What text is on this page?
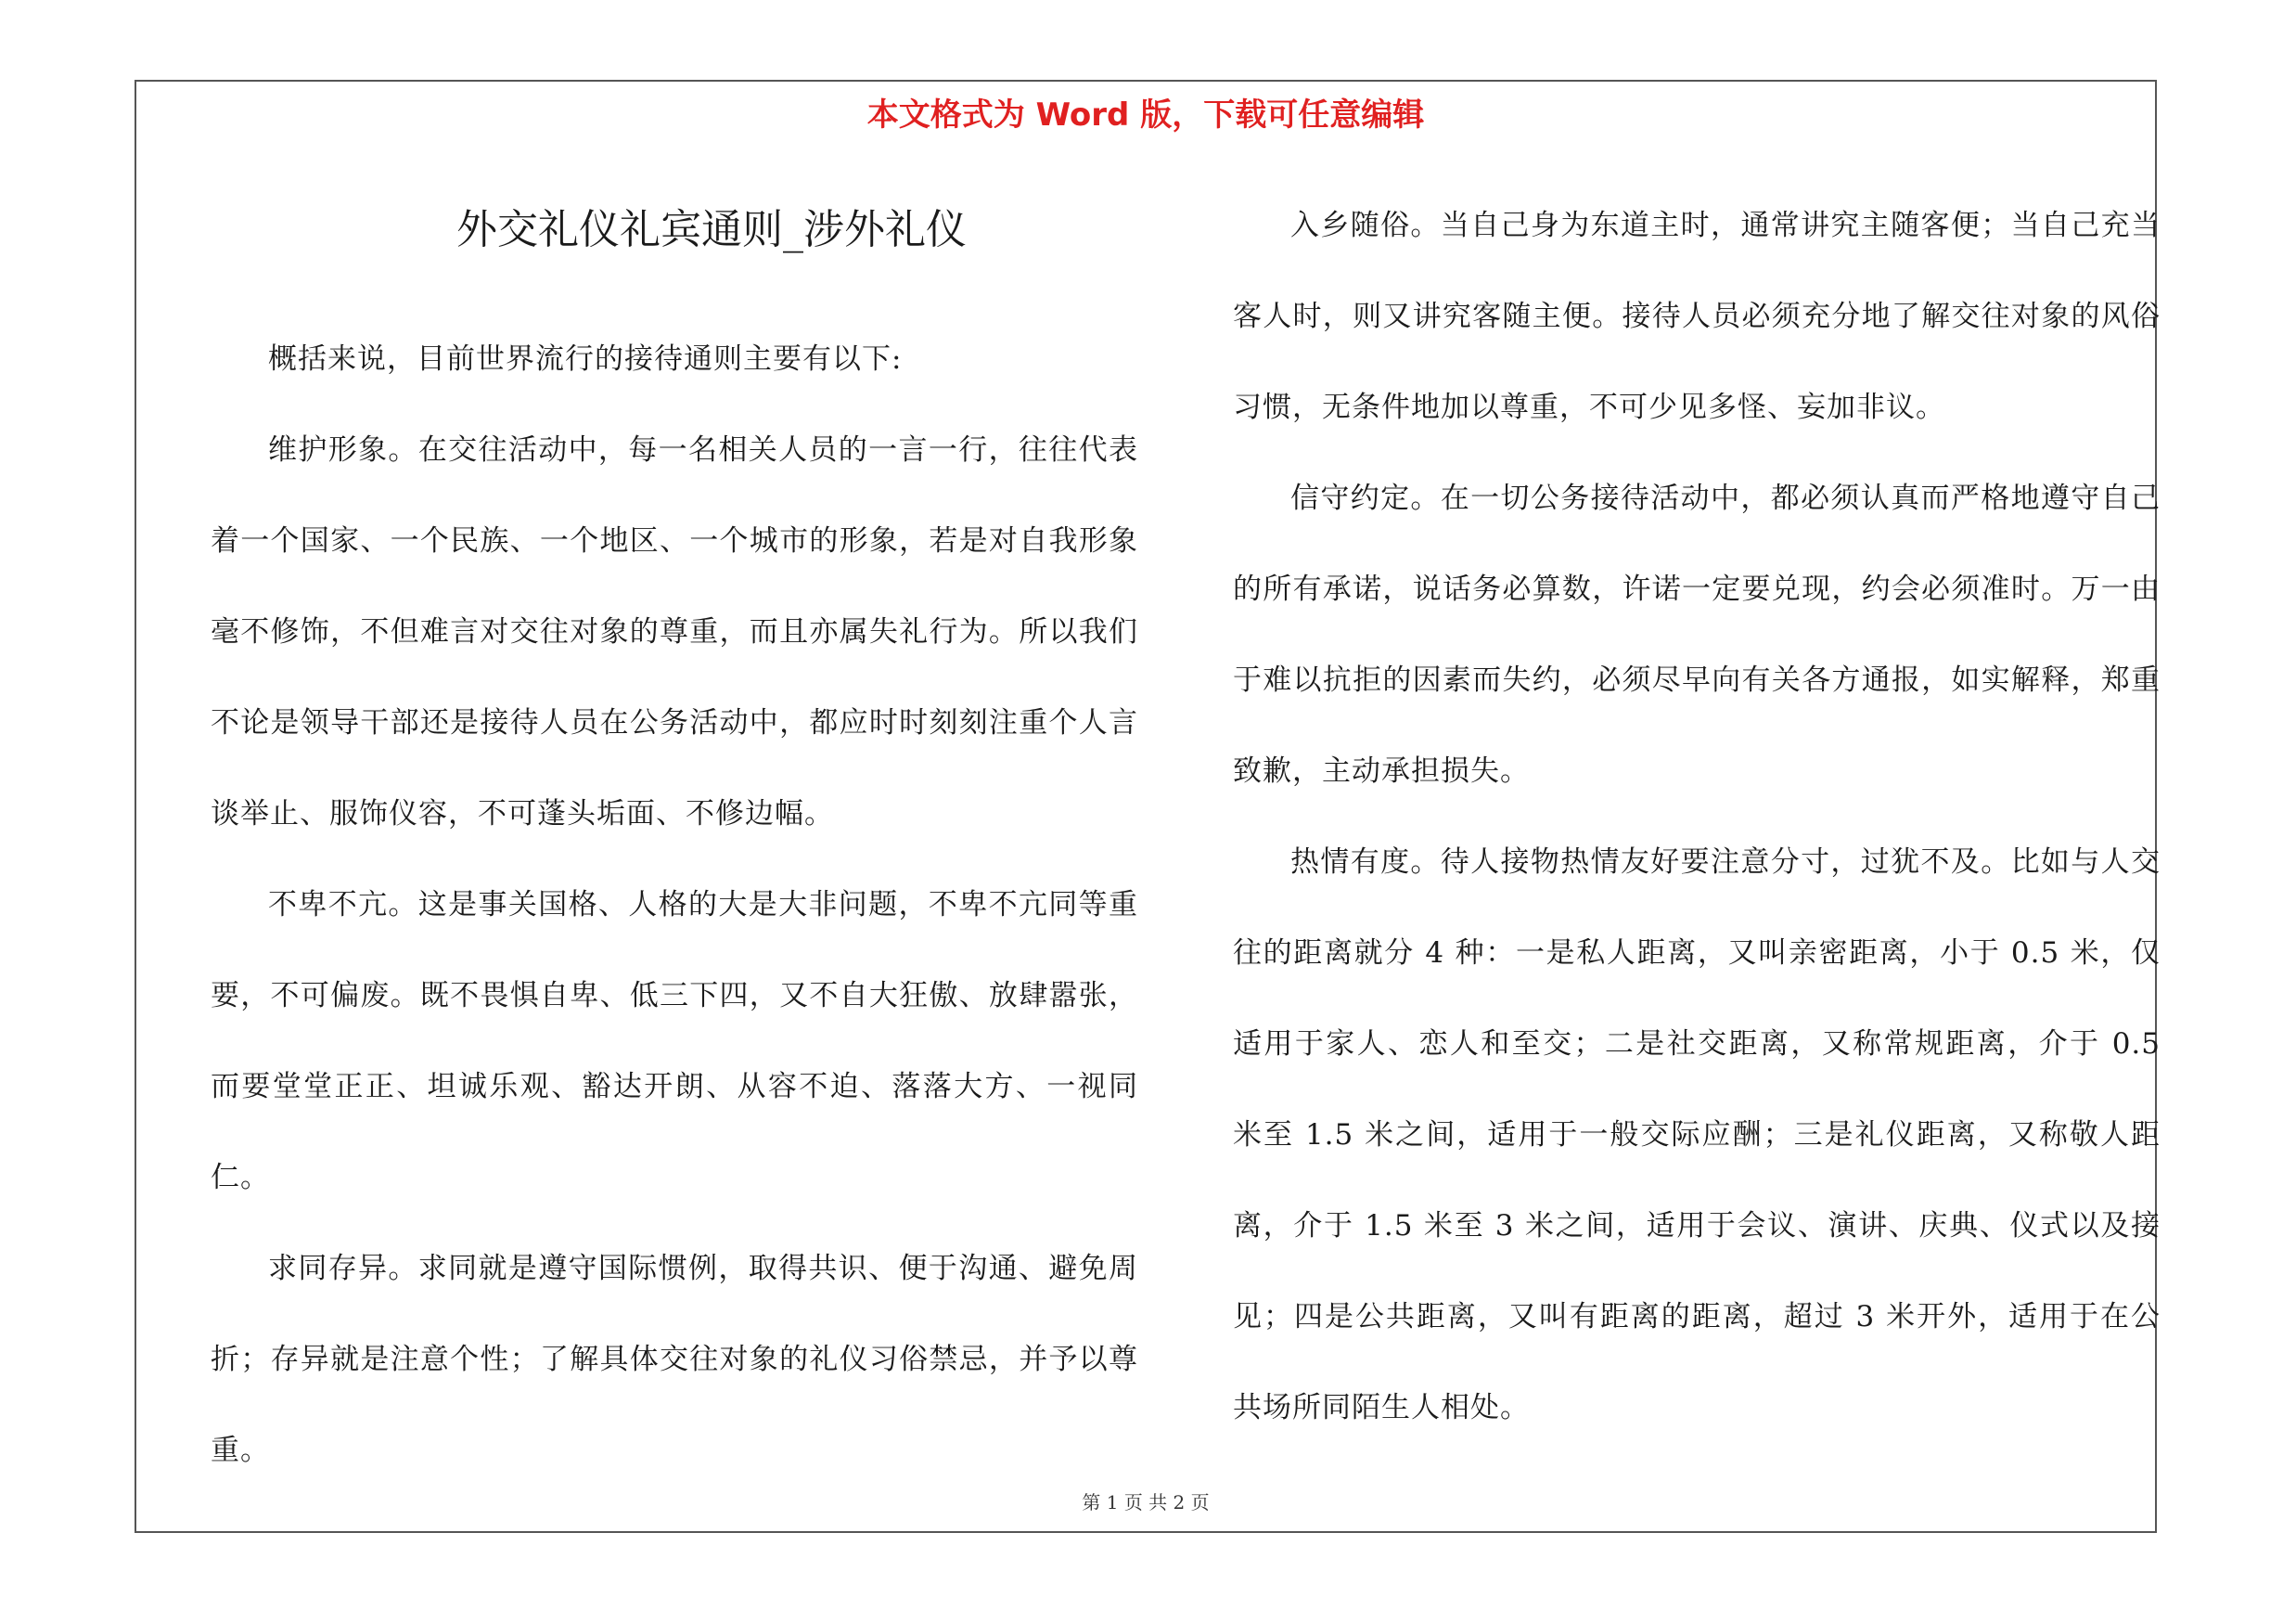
本文格式为 Word 版，下载可任意编辑
外交礼仪礼宾通则_涉外礼仪

概括来说，目前世界流行的接待通则主要有以下:

维护形象。在交往活动中，每一名相关人员的一言一行，往往代表着一个国家、一个民族、一个地区、一个城市的形象，若是对自我形象毫不修饰，不但难言对交往对象的尊重，而且亦属失礼行为。所以我们不论是领导干部还是接待人员在公务活动中，都应时时刻刻注重个人言谈举止、服饰仪容，不可蓬头垢面、不修边幅。

不卑不亢。这是事关国格、人格的大是大非问题，不卑不亢同等重要，不可偏废。既不畏惧自卑、低三下四，又不自大狂傲、放肆嚣张，而要堂堂正正、坦诚乐观、豁达开朗、从容不迫、落落大方、一视同仁。

求同存异。求同就是遵守国际惯例，取得共识、便于沟通、避免周折；存异就是注意个性；了解具体交往对象的礼仪习俗禁忌，并予以尊重。

入乡随俗。当自己身为东道主时，通常讲究主随客便；当自己充当客人时，则又讲究客随主便。接待人员必须充分地了解交往对象的风俗习惯，无条件地加以尊重，不可少见多怪、妄加非议。

信守约定。在一切公务接待活动中，都必须认真而严格地遵守自己的所有承诺，说话务必算数，许诺一定要兑现，约会必须准时。万一由于难以抗拒的因素而失约，必须尽早向有关各方通报，如实解释，郑重致歉，主动承担损失。

热情有度。待人接物热情友好要注意分寸，过犹不及。比如与人交往的距离就分 4 种：一是私人距离，又叫亲密距离，小于 0.5 米，仅适用于家人、恋人和至交；二是社交距离，又称常规距离，介于 0.5 米至 1.5 米之间，适用于一般交际应酬；三是礼仪距离，又称敬人距离，介于 1.5 米至 3 米之间，适用于会议、演讲、庆典、仪式以及接见；四是公共距离，又叫有距离的距离，超过 3 米开外，适用于在公共场所同陌生人相处。

第 1 页 共 2 页
